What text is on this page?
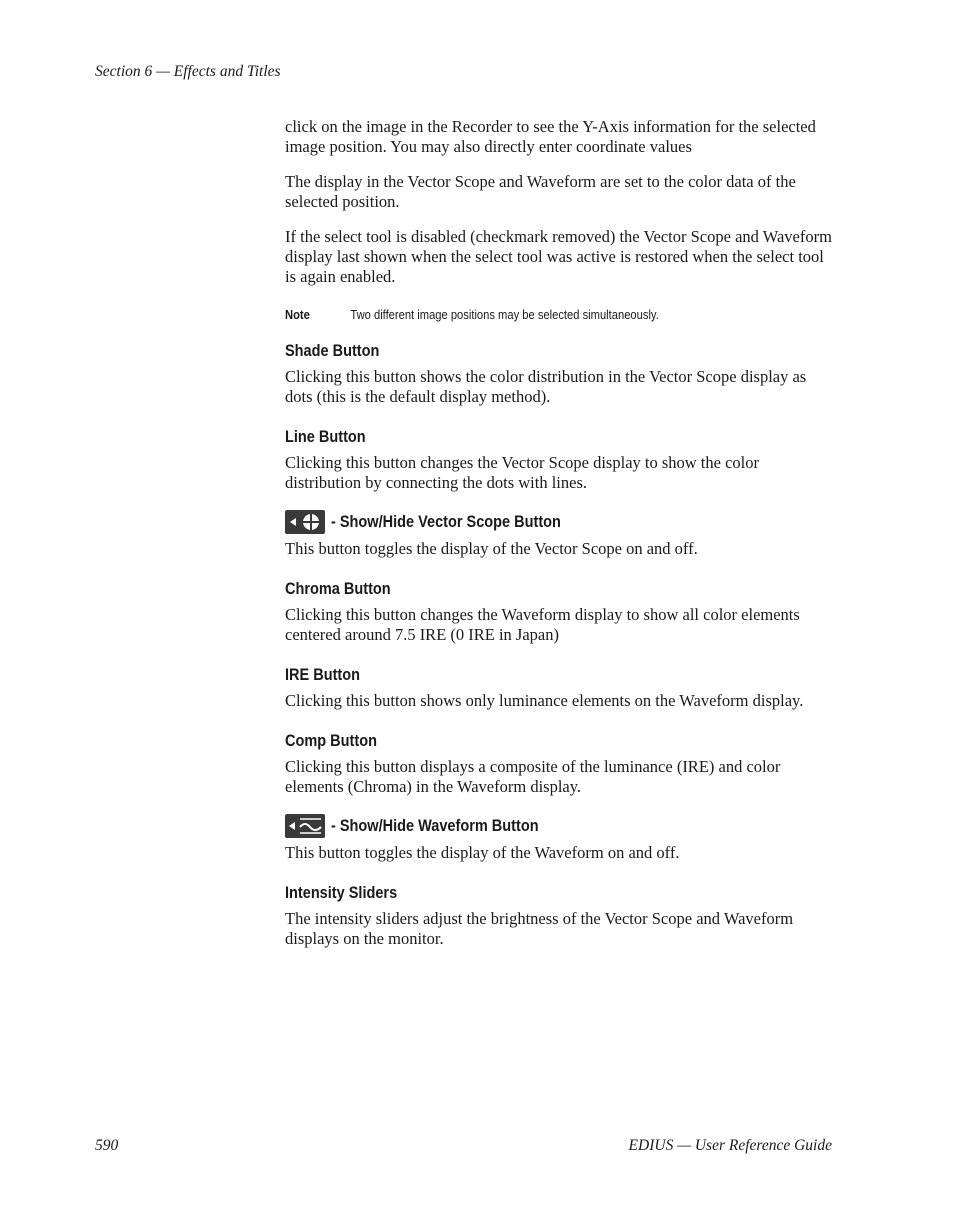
Section 6 — Effects and Titles

click on the image in the Recorder to see the Y-Axis information for the selected image position. You may also directly enter coordinate values

The display in the Vector Scope and Waveform are set to the color data of the selected position.

If the select tool is disabled (checkmark removed) the Vector Scope and Waveform display last shown when the select tool was active is restored when the select tool is again enabled.

Note	Two different image positions may be selected simultaneously.
Shade Button

Clicking this button shows the color distribution in the Vector Scope display as dots (this is the default display method).

Line Button

Clicking this button changes the Vector Scope display to show the color distribution by connecting the dots with lines.

- Show/Hide Vector Scope Button

This button toggles the display of the Vector Scope on and off.

Chroma Button

Clicking this button changes the Waveform display to show all color elements centered around 7.5 IRE (0 IRE in Japan)

IRE Button

Clicking this button shows only luminance elements on the Waveform display.

Comp Button

Clicking this button displays a composite of the luminance (IRE) and color elements (Chroma) in the Waveform display.

- Show/Hide Waveform Button

This button toggles the display of the Waveform on and off.

Intensity Sliders

The intensity sliders adjust the brightness of the Vector Scope and Waveform displays on the monitor.

590	EDIUS — User Reference Guide
